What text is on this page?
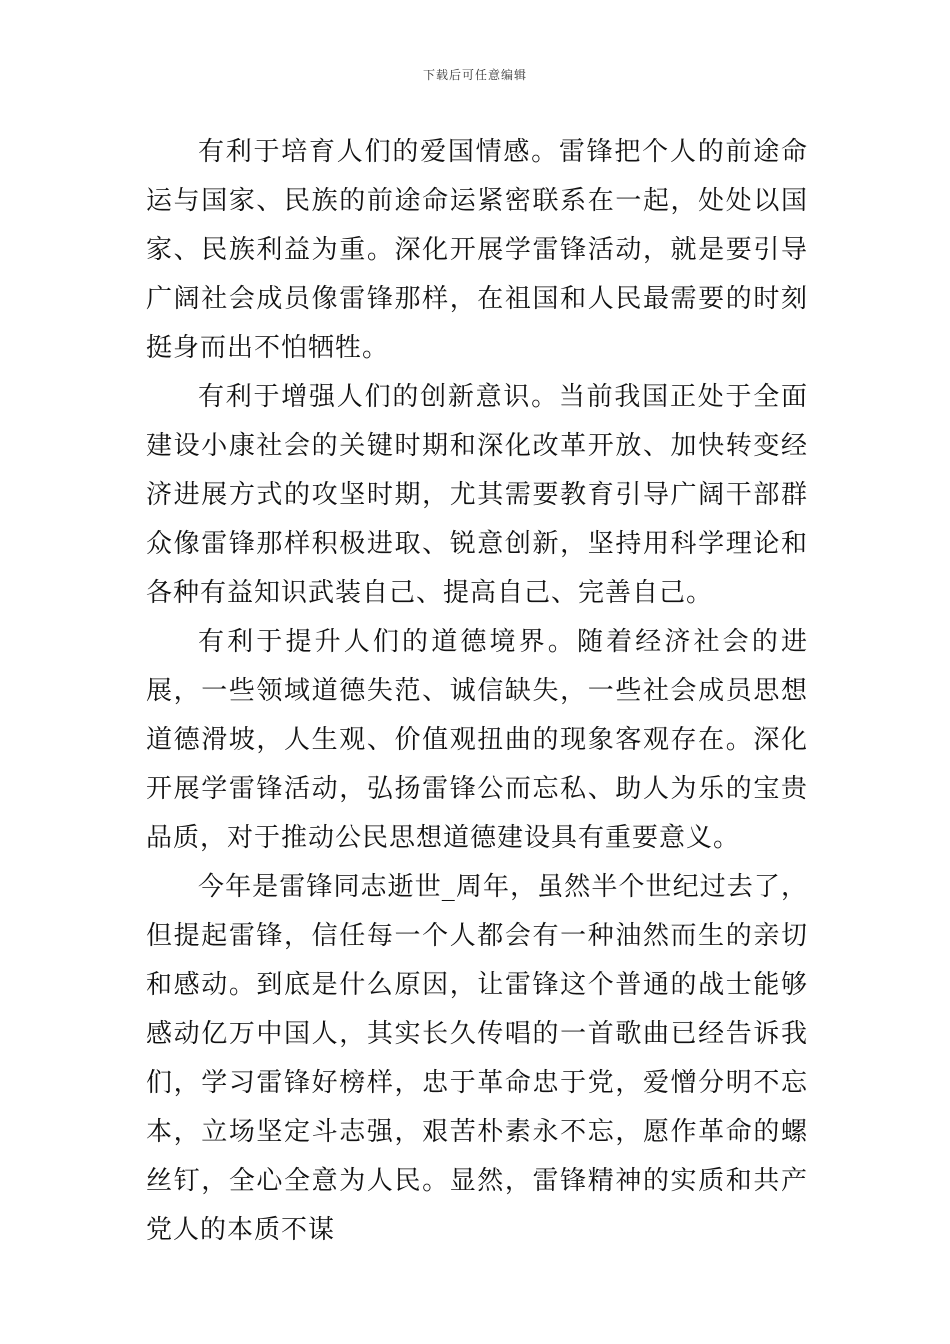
下载后可任意编辑

有利于培育人们的爱国情感。雷锋把个人的前途命运与国家、民族的前途命运紧密联系在一起，处处以国家、民族利益为重。深化开展学雷锋活动，就是要引导广阔社会成员像雷锋那样，在祖国和人民最需要的时刻挺身而出不怕牺牲。

有利于增强人们的创新意识。当前我国正处于全面建设小康社会的关键时期和深化改革开放、加快转变经济进展方式的攻坚时期，尤其需要教育引导广阔干部群众像雷锋那样积极进取、锐意创新，坚持用科学理论和各种有益知识武装自己、提高自己、完善自己。

有利于提升人们的道德境界。随着经济社会的进展，一些领域道德失范、诚信缺失，一些社会成员思想道德滑坡，人生观、价值观扭曲的现象客观存在。深化开展学雷锋活动，弘扬雷锋公而忘私、助人为乐的宝贵品质，对于推动公民思想道德建设具有重要意义。

今年是雷锋同志逝世_周年，虽然半个世纪过去了，但提起雷锋，信任每一个人都会有一种油然而生的亲切和感动。到底是什么原因，让雷锋这个普通的战士能够感动亿万中国人，其实长久传唱的一首歌曲已经告诉我们，学习雷锋好榜样，忠于革命忠于党，爱憎分明不忘本，立场坚定斗志强，艰苦朴素永不忘，愿作革命的螺丝钉，全心全意为人民。显然，雷锋精神的实质和共产党人的本质不谋
